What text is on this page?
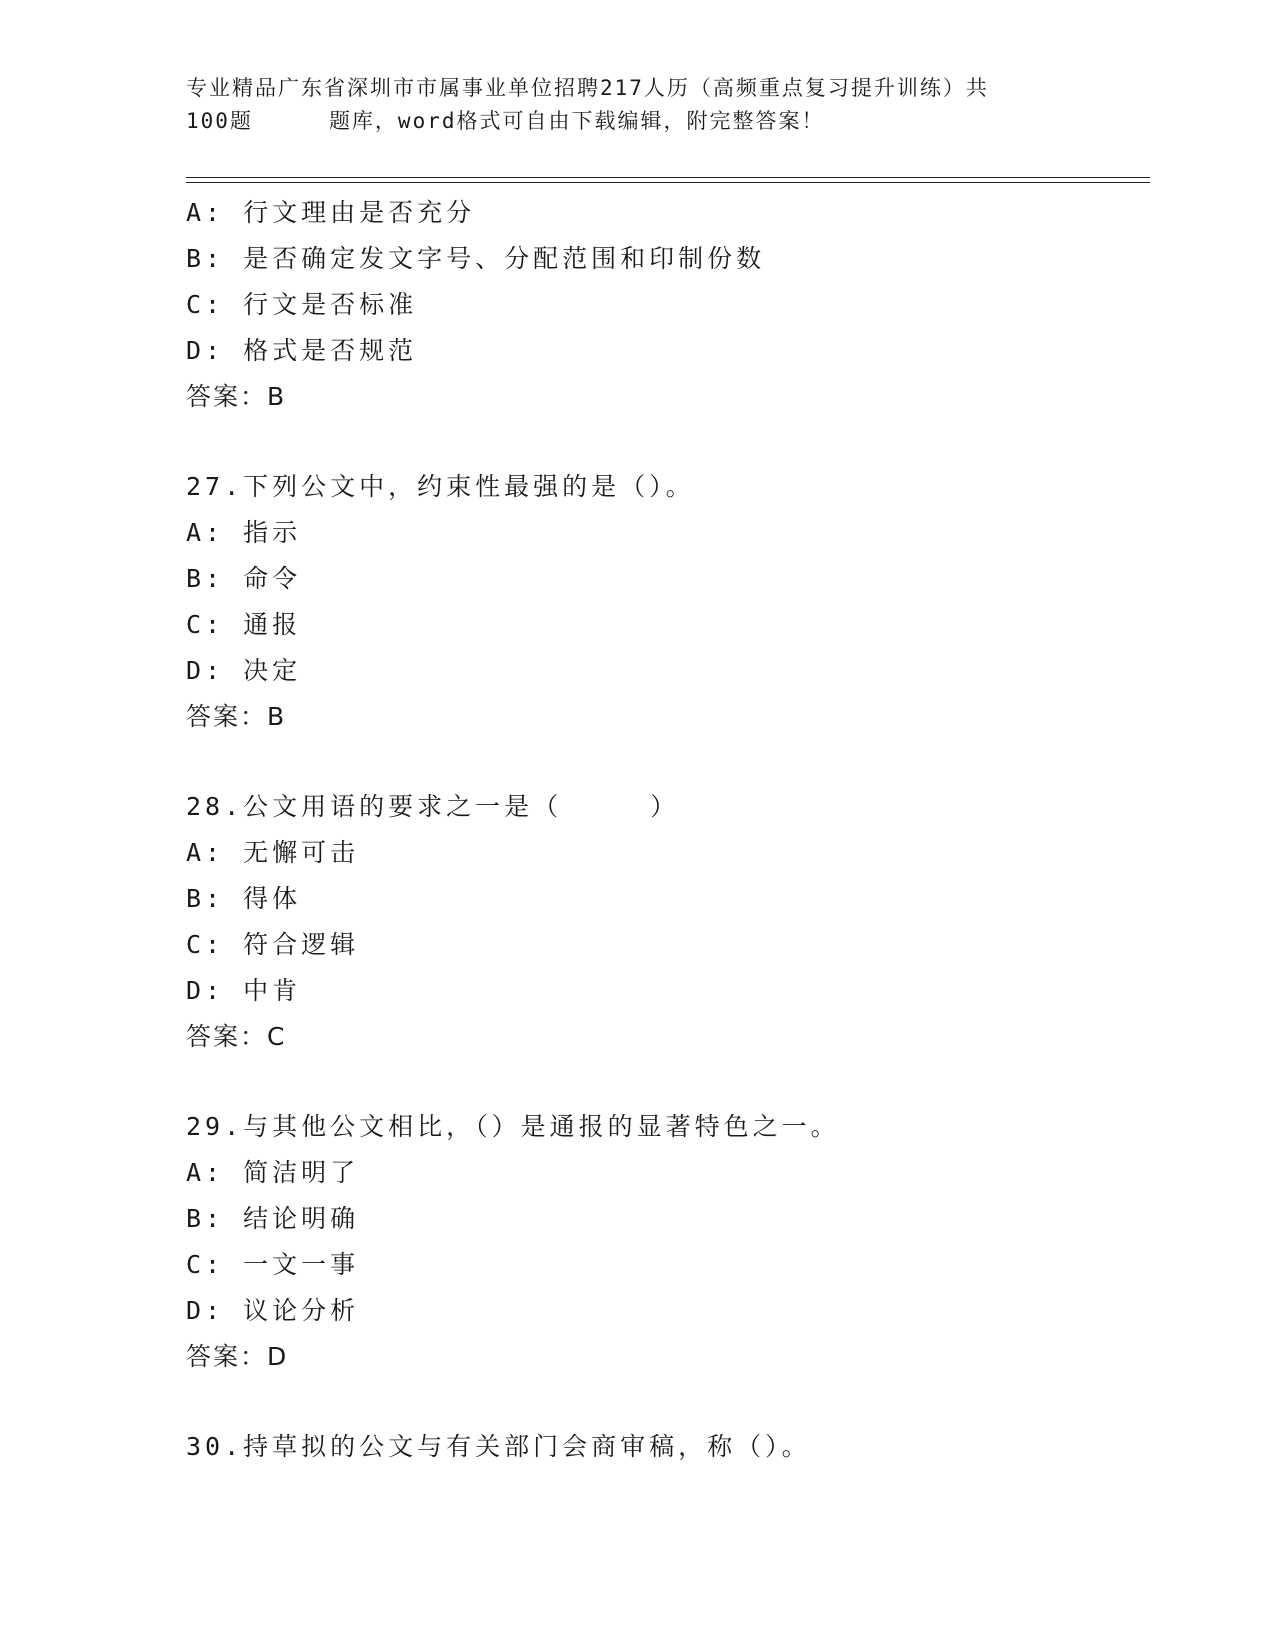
专业精品广东省深圳市市属事业单位招聘217人历（高频重点复习提升训练）共
100题	题库，word格式可自由下载编辑，附完整答案！
A: 行文理由是否充分
B: 是否确定发文字号、分配范围和印制份数
C: 行文是否标准
D: 格式是否规范
答案：B
27.下列公文中，约束性最强的是（）。
A: 指示
B: 命令
C: 通报
D: 决定
答案：B
28.公文用语的要求之一是（	）
A: 无懈可击
B: 得体
C: 符合逻辑
D: 中肯
答案：C
29.与其他公文相比，（）是通报的显著特色之一。
A: 简洁明了
B: 结论明确
C: 一文一事
D: 议论分析
答案：D
30.持草拟的公文与有关部门会商审稿，称（）。
